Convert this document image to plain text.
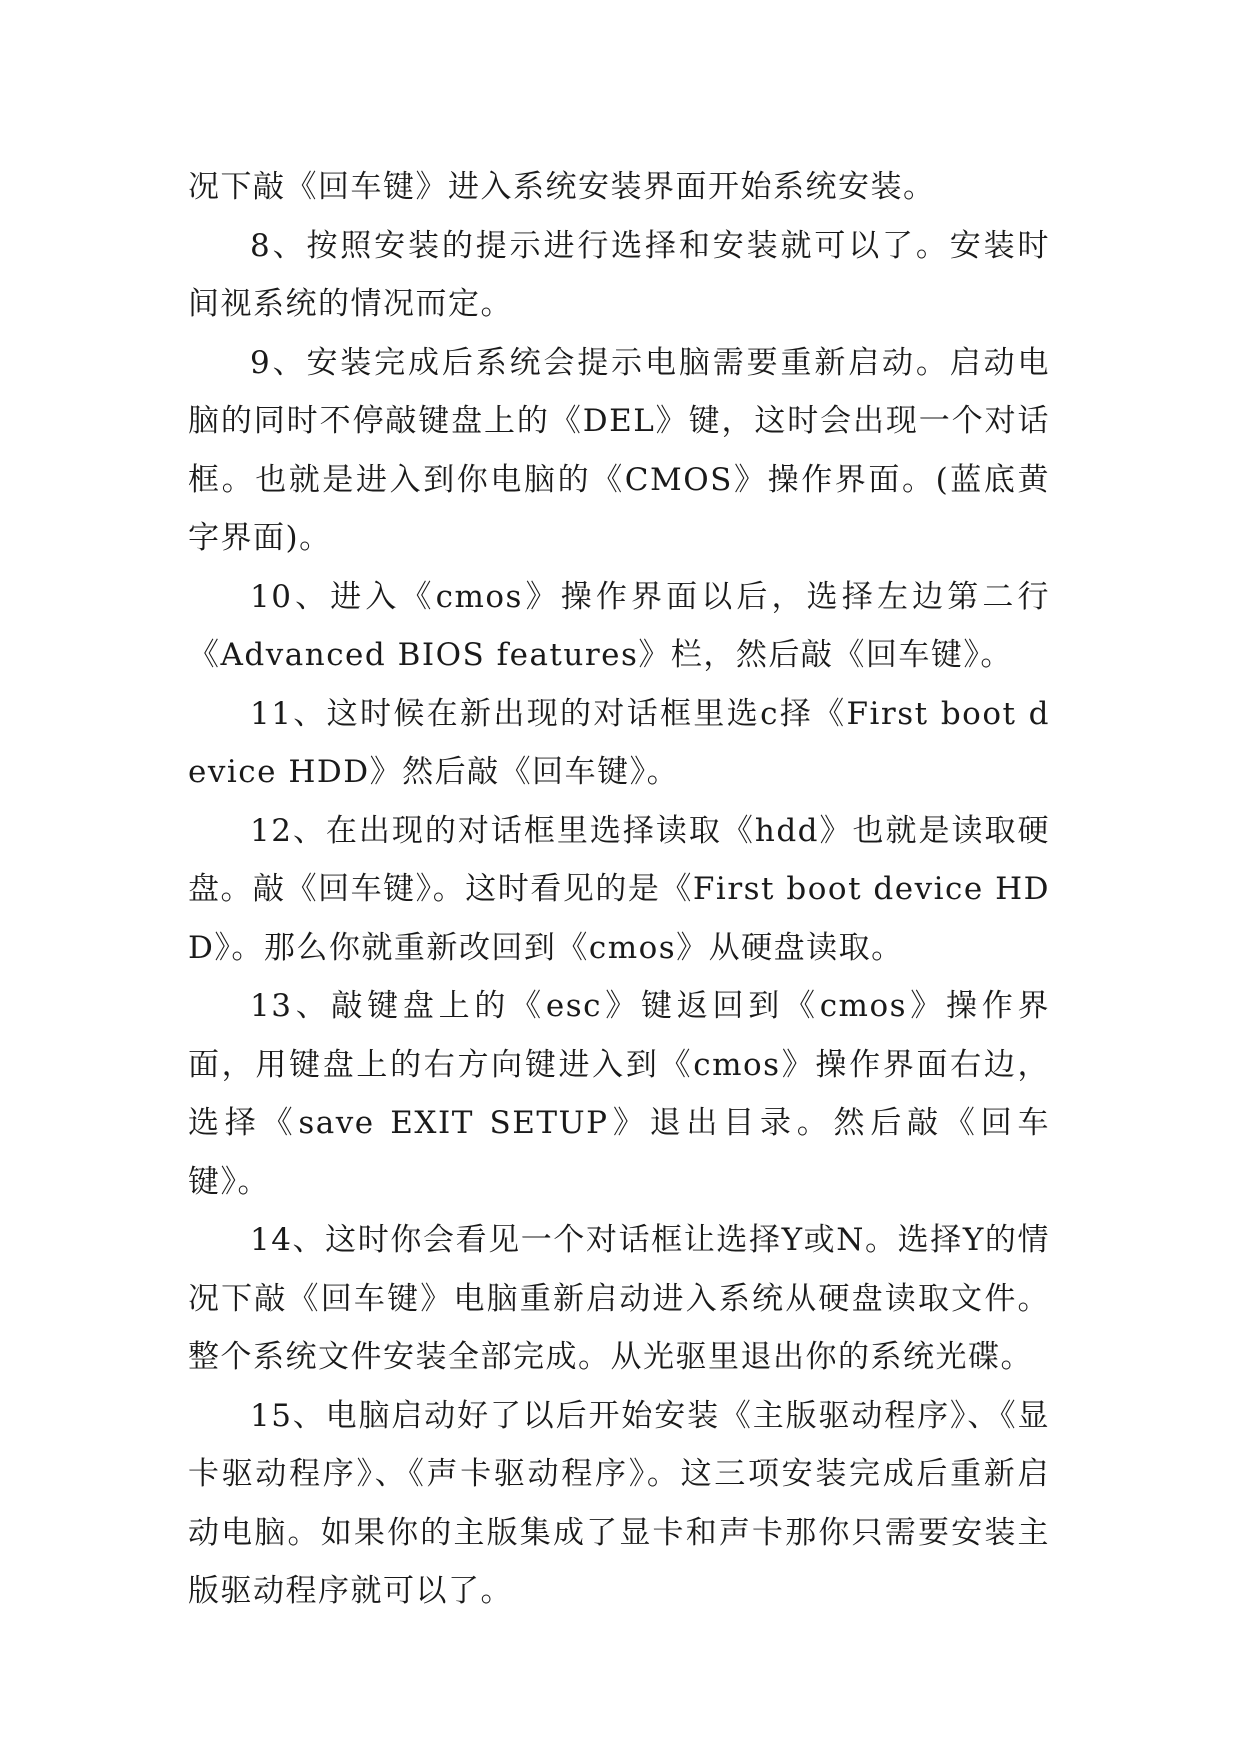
况下敲《回车键》进入系统安装界面开始系统安装。

8、按照安装的提示进行选择和安装就可以了。安装时间视系统的情况而定。

9、安装完成后系统会提示电脑需要重新启动。启动电脑的同时不停敲键盘上的《DEL》键，这时会出现一个对话框。也就是进入到你电脑的《CMOS》操作界面。(蓝底黄字界面)。

10、进入《cmos》操作界面以后，选择左边第二行《Advanced BIOS features》栏，然后敲《回车键》。

11、这时候在新出现的对话框里选c择《First boot device HDD》然后敲《回车键》。

12、在出现的对话框里选择读取《hdd》也就是读取硬盘。敲《回车键》。这时看见的是《First boot device HDD》。那么你就重新改回到《cmos》从硬盘读取。

13、敲键盘上的《esc》键返回到《cmos》操作界面，用键盘上的右方向键进入到《cmos》操作界面右边，选择《save EXIT SETUP》退出目录。然后敲《回车键》。

14、这时你会看见一个对话框让选择Y或N。选择Y的情况下敲《回车键》电脑重新启动进入系统从硬盘读取文件。整个系统文件安装全部完成。从光驱里退出你的系统光碟。

15、电脑启动好了以后开始安装《主版驱动程序》、《显卡驱动程序》、《声卡驱动程序》。这三项安装完成后重新启动电脑。如果你的主版集成了显卡和声卡那你只需要安装主版驱动程序就可以了。
